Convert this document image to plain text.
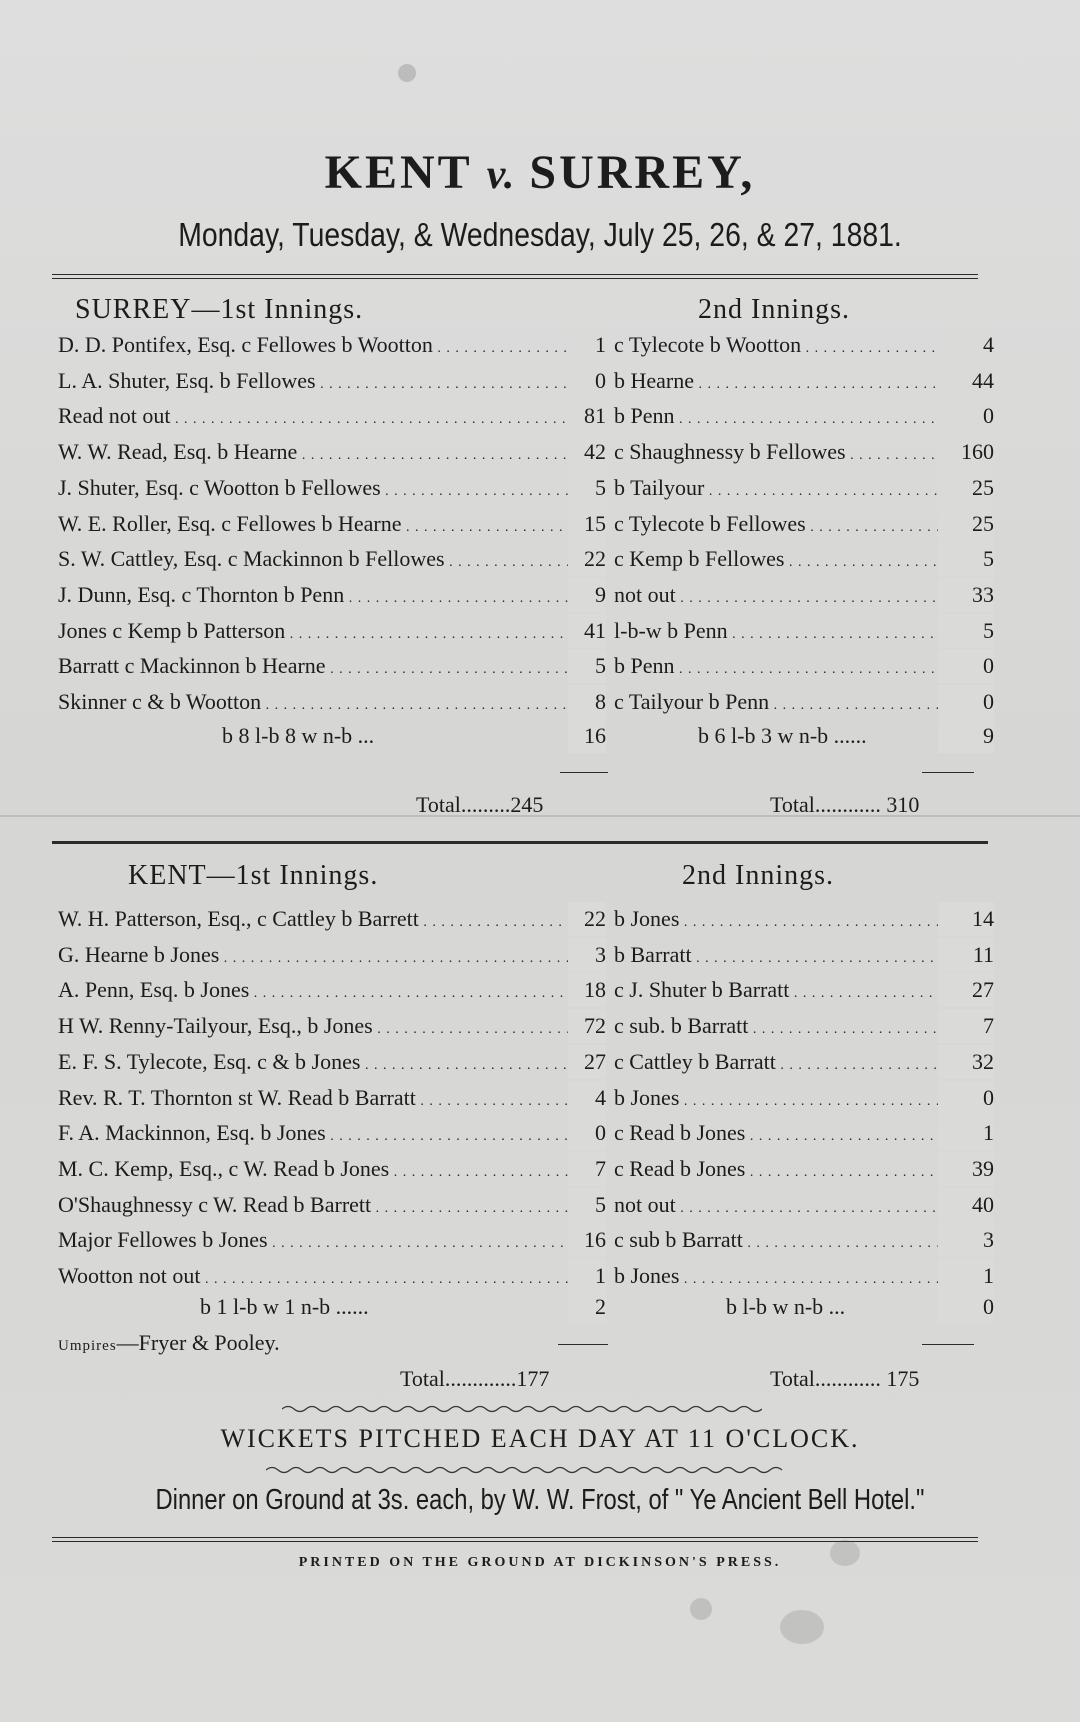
KENT v. SURREY,
Monday, Tuesday, & Wednesday, July 25, 26, & 27, 1881.
SURREY—1st Innings.	2nd Innings.
D. D. Pontifex, Esq. c Fellowes b Wootton . . .	1 c Tylecote b Wootton . . .	4
L. A. Shuter, Esq. b Fellowes . . .	0 b Hearne . . .	44
Read not out . . .	81 b Penn . . .	0
W. W. Read, Esq. b Hearne . . .	42 c Shaughnessy b Fellowes . . .	160
J. Shuter, Esq. c Wootton b Fellowes . . .	5 b Tailyour . . .	25
W. E. Roller, Esq. c Fellowes b Hearne . . .	15 c Tylecote b Fellowes . . .	25
S. W. Cattley, Esq. c Mackinnon b Fellowes . . .	22 c Kemp b Fellowes . . .	5
J. Dunn, Esq. c Thornton b Penn . . .	9 not out . . .	33
Jones c Kemp b Patterson . . .	41 l-b-w b Penn . . .	5
Barratt c Mackinnon b Hearne . . .	5 b Penn . . .	0
Skinner c & b Wootton . . .	8 c Tailyour b Penn . . .	0
b 8 l-b 8 w n-b ...	16	b 6 l-b 3 w n-b ......	9
Total.........245	Total............ 310
KENT—1st Innings.	2nd Innings.
W. H. Patterson, Esq., c Cattley b Barrett . . .	22 b Jones . . .	14
G. Hearne b Jones . . .	3 b Barratt . . .	11
A. Penn, Esq. b Jones . . .	18 c J. Shuter b Barratt . . .	27
H W. Renny-Tailyour, Esq., b Jones . . .	72 c sub. b Barratt . . .	7
E. F. S. Tylecote, Esq. c & b Jones . . .	27 c Cattley b Barratt . . .	32
Rev. R. T. Thornton st W. Read b Barratt . . .	4 b Jones . . .	0
F. A. Mackinnon, Esq. b Jones . . .	0 c Read b Jones . . .	1
M. C. Kemp, Esq., c W. Read b Jones . . .	7 c Read b Jones . . .	39
O'Shaughnessy c W. Read b Barrett . . .	5 not out . . .	40
Major Fellowes b Jones . . .	16 c sub b Barratt . . .	3
Wootton not out . . .	1 b Jones . . .	1
b 1 l-b w 1 n-b ......	2	b l-b w n-b ...	0
Umpires—Fryer & Pooley.
Total.............177	Total............ 175
WICKETS PITCHED EACH DAY AT 11 O'CLOCK.
Dinner on Ground at 3s. each, by W. W. Frost, of " Ye Ancient Bell Hotel."
PRINTED ON THE GROUND AT DICKINSON'S PRESS.
